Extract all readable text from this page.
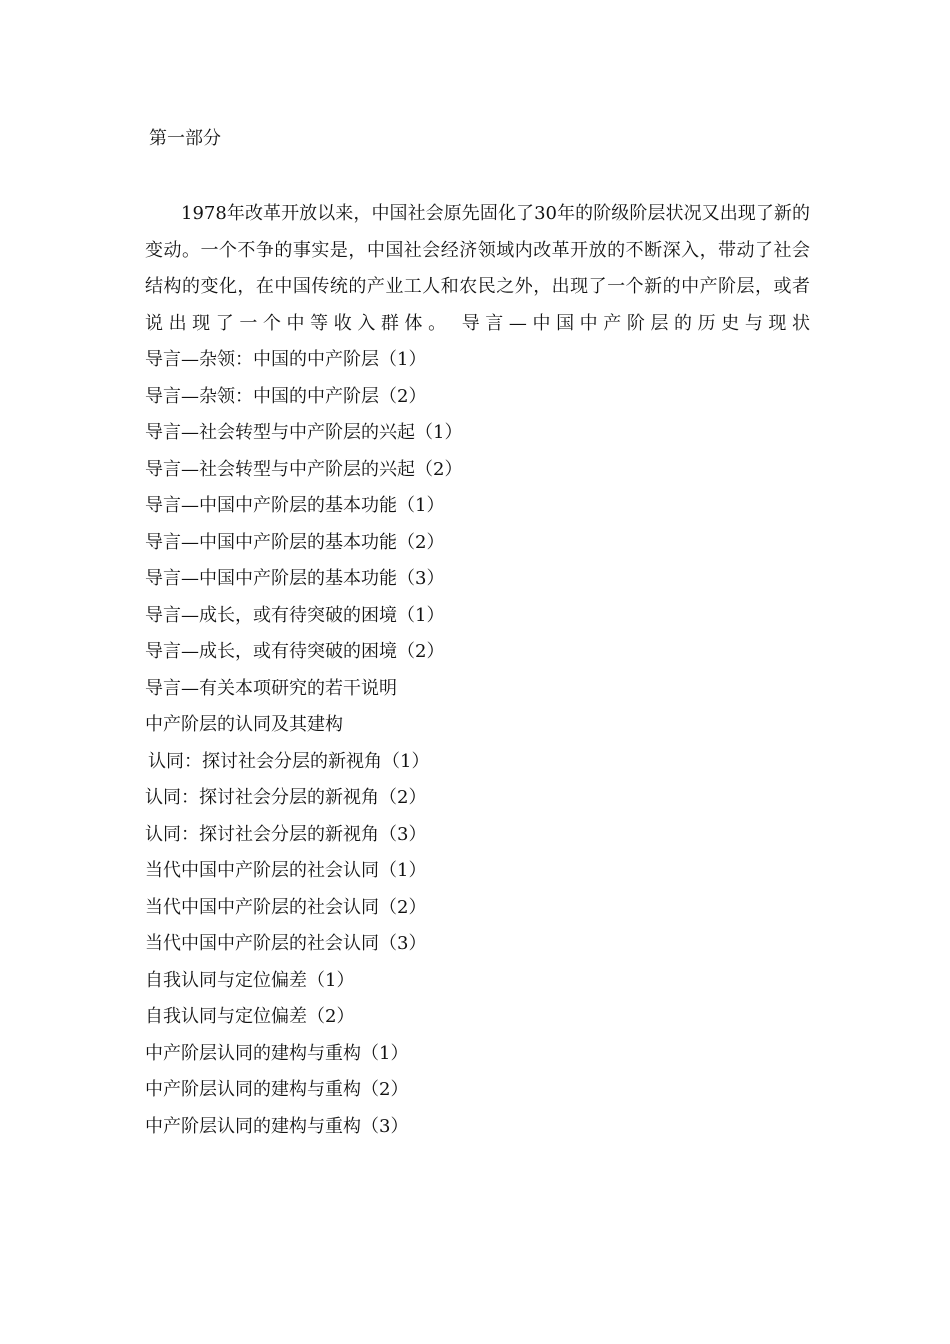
第一部分

1978年改革开放以来，中国社会原先固化了30年的阶级阶层状况又出现了新的变动。一个不争的事实是，中国社会经济领域内改革开放的不断深入，带动了社会结构的变化，在中国传统的产业工人和农民之外，出现了一个新的中产阶层，或者说出现了一个中等收入群体。 导言—中国中产阶层的历史与现状

导言—杂领：中国的中产阶层（1）
导言—杂领：中国的中产阶层（2）
导言—社会转型与中产阶层的兴起（1）
导言—社会转型与中产阶层的兴起（2）
导言—中国中产阶层的基本功能（1）
导言—中国中产阶层的基本功能（2）
导言—中国中产阶层的基本功能（3）
导言—成长，或有待突破的困境（1）
导言—成长，或有待突破的困境（2）
导言—有关本项研究的若干说明
中产阶层的认同及其建构
认同：探讨社会分层的新视角（1）
认同：探讨社会分层的新视角（2）
认同：探讨社会分层的新视角（3）
当代中国中产阶层的社会认同（1）
当代中国中产阶层的社会认同（2）
当代中国中产阶层的社会认同（3）
自我认同与定位偏差（1）
自我认同与定位偏差（2）
中产阶层认同的建构与重构（1）
中产阶层认同的建构与重构（2）
中产阶层认同的建构与重构（3）
